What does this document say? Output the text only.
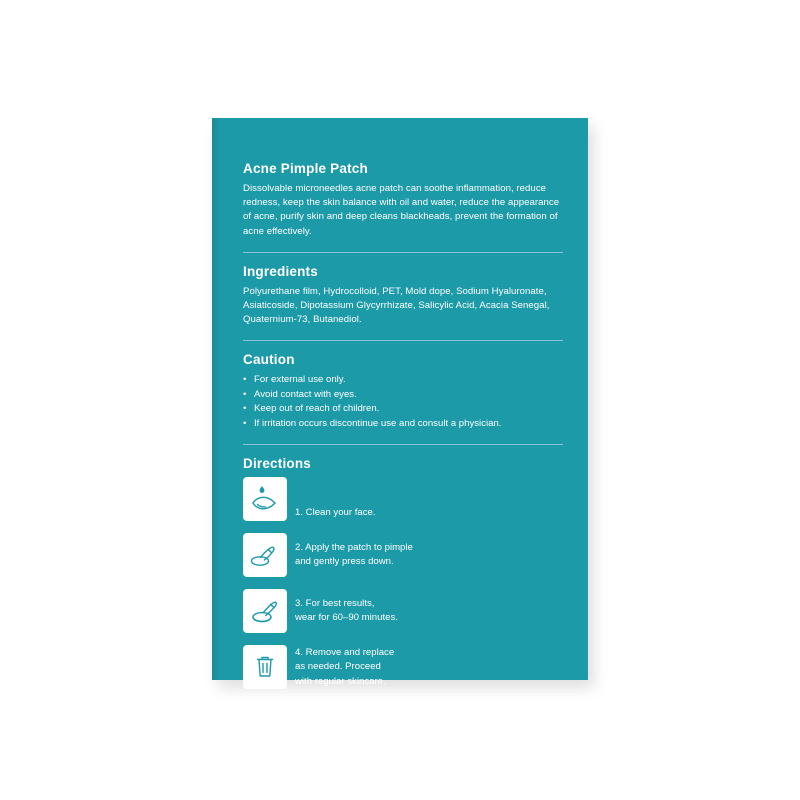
Acne Pimple Patch

Dissolvable microneedles acne patch can soothe inflammation, reduce redness, keep the skin balance with oil and water, reduce the appearance of acne, purify skin and deep cleans blackheads, prevent the formation of acne effectively.

Ingredients

Polyurethane film, Hydrocolloid, PET, Mold dope, Sodium Hyaluronate, Asiaticoside, Dipotassium Glycyrrhizate, Salicylic Acid, Acacia Senegal, Quaternium-73, Butanediol.

Caution
• For external use only.
• Avoid contact with eyes.
• Keep out of reach of children.
• If irritation occurs discontinue use and consult a physician.
Directions
1. Clean your face.
2. Apply the patch to pimple
and gently press down.
3. For best results,
wear for 60–90 minutes.
4. Remove and replace
as needed. Proceed
with regular skincare.
